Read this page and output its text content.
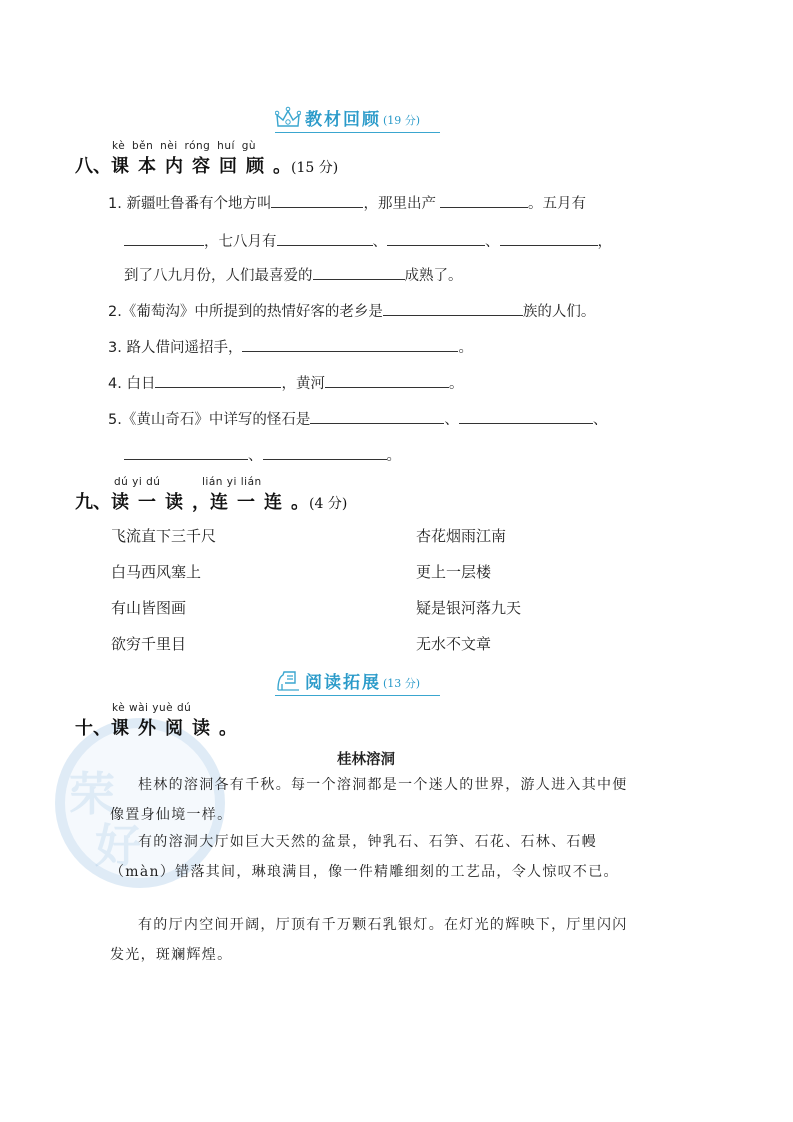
荣
好
教材回顾 (19 分)
kè běn nèi róng huí gù
八、课本内容回顾。(15 分)
1. 新疆吐鲁番有个地方叫	，那里出产	。五月有
，七八月有	、	、	，
到了八九月份，人们最喜爱的	成熟了。
2.《葡萄沟》中所提到的热情好客的老乡是	族的人们。
3. 路人借问遥招手，	。
4. 白日	，黄河	。
5.《黄山奇石》中详写的怪石是	、	、
、	。
dú yi dú	lián yi lián
九、读一读，连一连。(4 分)
飞流直下三千尺
白马西风塞上
有山皆图画
欲穷千里目
杏花烟雨江南
更上一层楼
疑是银河落九天
无水不文章
阅读拓展 (13 分)
kè wài yuè dú
十、课外阅读。
桂林溶洞
桂林的溶洞各有千秋。每一个溶洞都是一个迷人的世界，游人进入其中便像置身仙境一样。
有的溶洞大厅如巨大天然的盆景，钟乳石、石笋、石花、石林、石幔（màn）错落其间，琳琅满目，像一件精雕细刻的工艺品，令人惊叹不已。
有的厅内空间开阔，厅顶有千万颗石乳银灯。在灯光的辉映下，厅里闪闪发光，斑斓辉煌。
